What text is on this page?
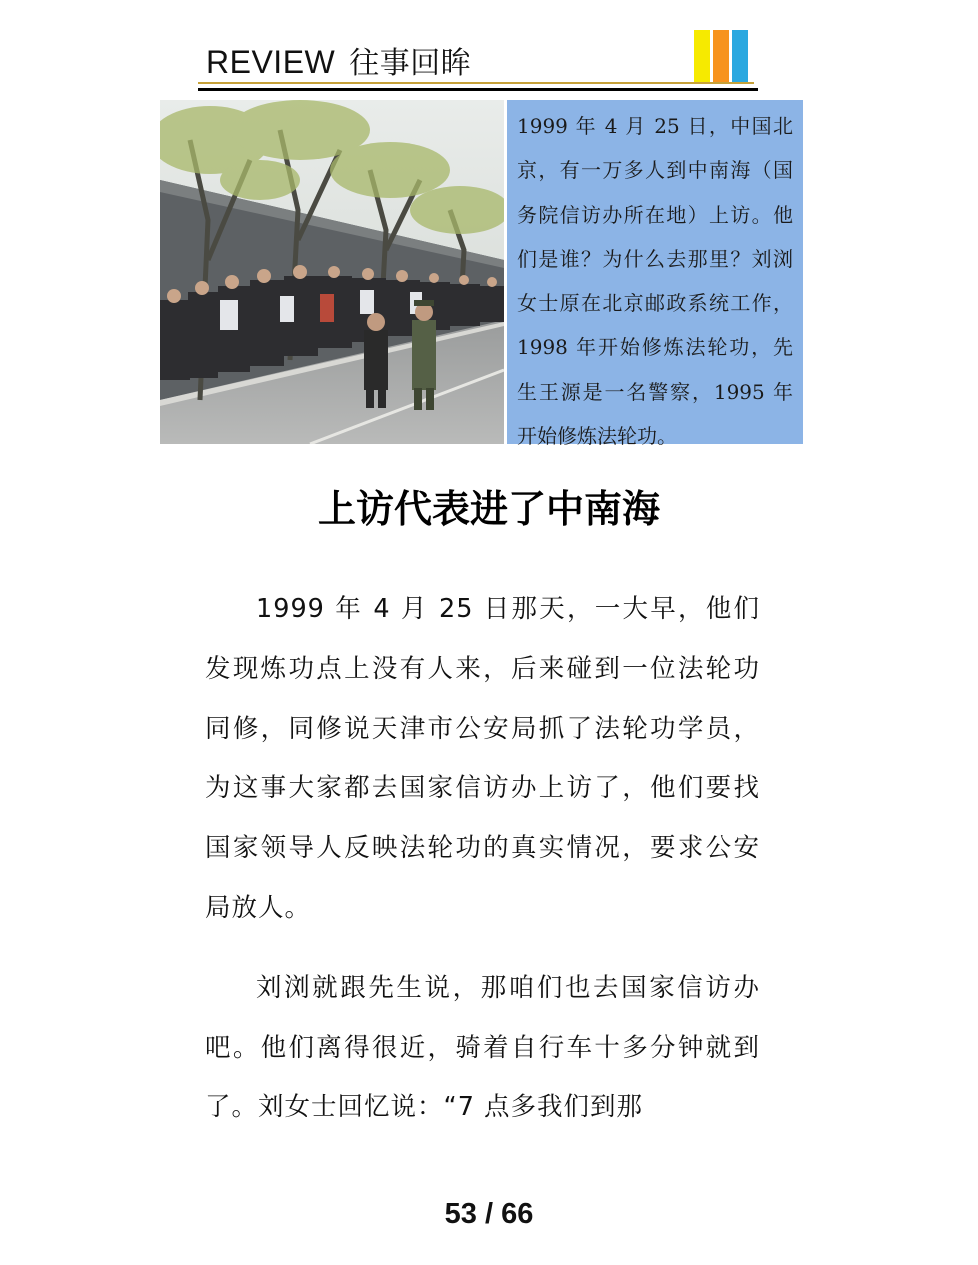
REVIEW 往事回眸

1999 年 4 月 25 日，中国北京，有一万多人到中南海（国务院信访办所在地）上访。他们是谁？为什么去那里？刘浏女士原在北京邮政系统工作，1998 年开始修炼法轮功，先生王源是一名警察，1995 年开始修炼法轮功。

上访代表进了中南海

1999 年 4 月 25 日那天，一大早，他们发现炼功点上没有人来，后来碰到一位法轮功同修，同修说天津市公安局抓了法轮功学员，为这事大家都去国家信访办上访了，他们要找国家领导人反映法轮功的真实情况，要求公安局放人。

刘浏就跟先生说，那咱们也去国家信访办吧。他们离得很近，骑着自行车十多分钟就到了。刘女士回忆说：“7 点多我们到那

53 / 66
